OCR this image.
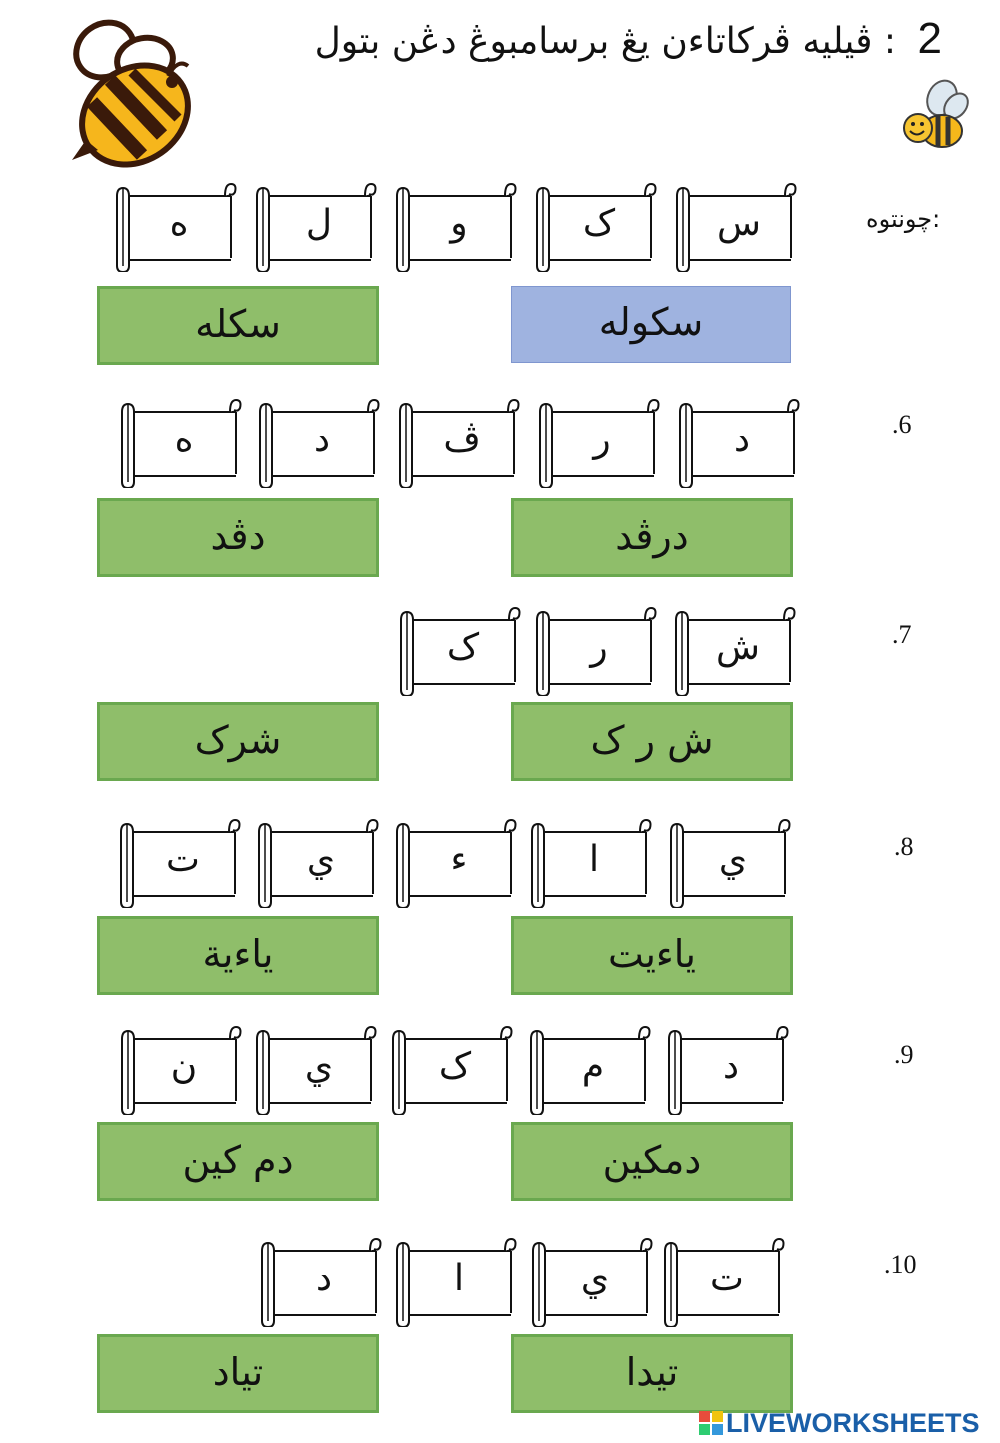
2 : ڤيليه ڤركاتاءن يڠ برسامبوڠ دڠن بتول
چونتوه:
س
ک
و
ل
ه
سکوله
سکله
.6
د
ر
ڤ
د
ه
درڤد
دڤد
.7
ش
ر
ک
ش ر ک
شرک
.8
ي
ا
ء
ي
ت
ياءيت
ياءية
.9
د
م
ک
ي
ن
دمکين
دم کين
.10
ت
ي
ا
د
تيدا
تياد
LIVEWORKSHEETS
